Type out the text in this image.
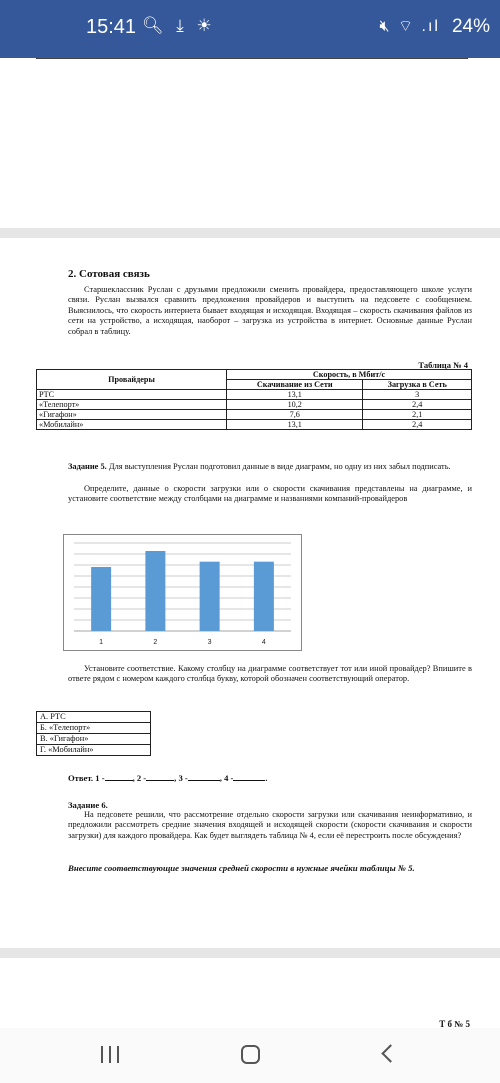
15:41 🔍︎ ⤓ ☀︎	🔇︎ ⌔ .ıl 24%
2. Сотовая связь
Старшеклассник Руслан с друзьями предложили сменить провайдера, предоставляющего школе услуги связи. Руслан вызвался сравнить предложения провайдеров и выступить на педсовете с сообщением. Выяснилось, что скорость интернета бывает входящая и исходящая. Входящая – скорость скачивания файлов из сети на устройство, а исходящая, наоборот – загрузка из устройства в интернет. Основные данные Руслан собрал в таблицу.
Таблица № 4
Провайдеры	Скорость, в Мбит/с	
	Скачивание из Сети	Загрузка в Сеть
РТС	13,1	3
«Телепорт»	10,2	2,4
«Гигафон»	7,6	2,1
«Мобилайн»	13,1	2,4
Задание 5. Для выступления Руслан подготовил данные в виде диаграмм, но одну из них забыл подписать.
Определите, данные о скорости загрузки или о скорости скачивания представлены на диаграмме, и установите соответствие между столбцами на диаграмме и названиями компаний-провайдеров
1	2	3	4
Установите соответствие. Какому столбцу на диаграмме соответствует тот или иной провайдер? Впишите в ответе рядом с номером каждого столбца букву, которой обозначен соответствующий оператор.
А. РТС
Б. «Телепорт»
В. «Гигафон»
Г. «Мобилайн»
Ответ. 1 -	, 2 -	, 3 -	, 4 -	.
Задание 6.
На педсовете решили, что рассмотрение отдельно скорости загрузки или скачивания неинформативно, и предложили рассмотреть средние значения входящей и исходящей скорости (скорости скачивания и скорости загрузки) для каждого провайдера. Как будет выглядеть таблица № 4, если её перестроить после обсуждения?
Внесите соответствующие значения средней скорости в нужные ячейки таблицы № 5.
Т б № 5
